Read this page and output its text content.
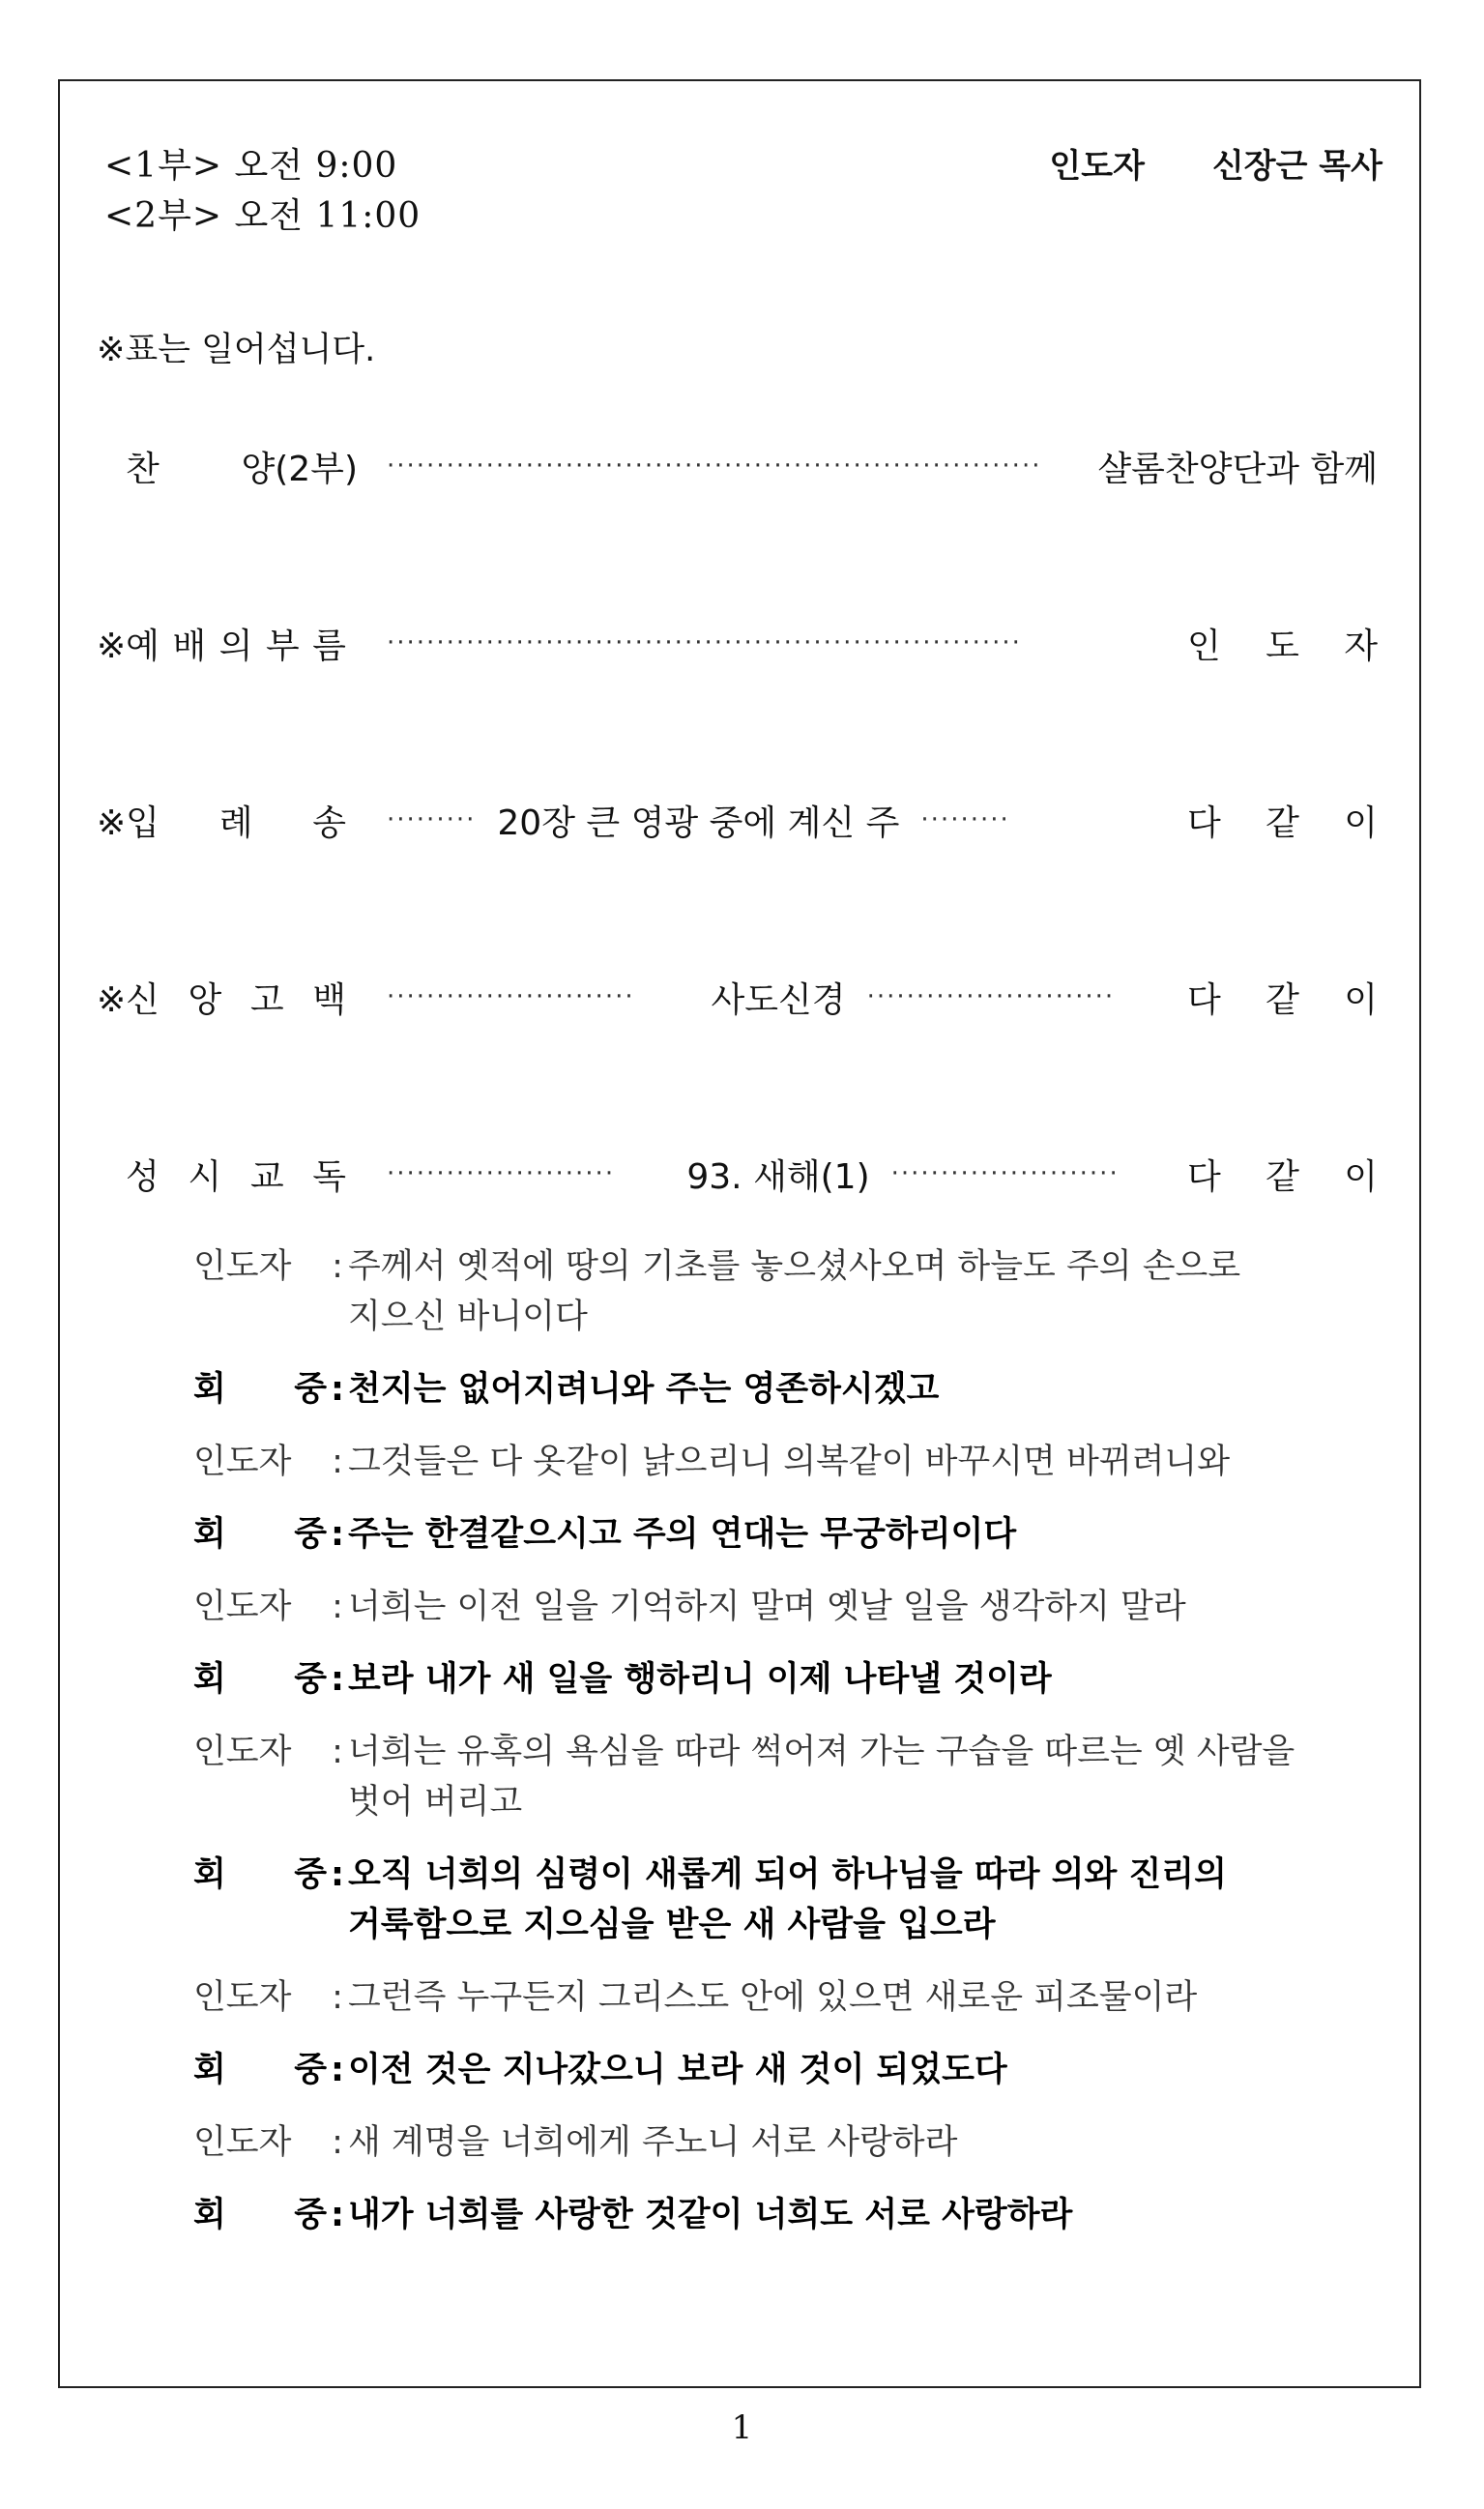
<1부> 오전 9:00
<2부> 오전 11:00
인도자 신장근 목사
※표는 일어섭니다.
찬 양(2부) ··································································	샬롬찬양단과 함께
※예 배 의 부 름 ································································	인 도 자
※입 례 송 ········· 20장 큰 영광 중에 계신 주 ·········	다 같 이
※신 앙 고 백 ·························	사도신경 ·························	다 같 이
성 시 교 독 ·······················	93. 새해(1) ·······················	다 같 이
인도자 : 주께서 옛적에 땅의 기초를 놓으셨사오며 하늘도 주의 손으로
지으신 바니이다
회 중 : 천지는 없어지려니와 주는 영존하시겠고
인도자 : 그것들은 다 옷같이 낡으리니 의복같이 바꾸시면 바뀌려니와
회 중 : 주는 한결같으시고 주의 연대는 무궁하리이다
인도자 : 너희는 이전 일을 기억하지 말며 옛날 일을 생각하지 말라
회 중 : 보라 내가 새 일을 행하리니 이제 나타낼 것이라
인도자 : 너희는 유혹의 욕심을 따라 썩어져 가는 구습을 따르는 옛 사람을
벗어 버리고
회 중 : 오직 너희의 심령이 새롭게 되어 하나님을 따라 의와 진리의
거룩함으로 지으심을 받은 새 사람을 입으라
인도자 : 그런즉 누구든지 그리스도 안에 있으면 새로운 피조물이라
회 중 : 이전 것은 지나갔으니 보라 새 것이 되었도다
인도자 : 새 계명을 너희에게 주노니 서로 사랑하라
회 중 : 내가 너희를 사랑한 것같이 너희도 서로 사랑하라
1
